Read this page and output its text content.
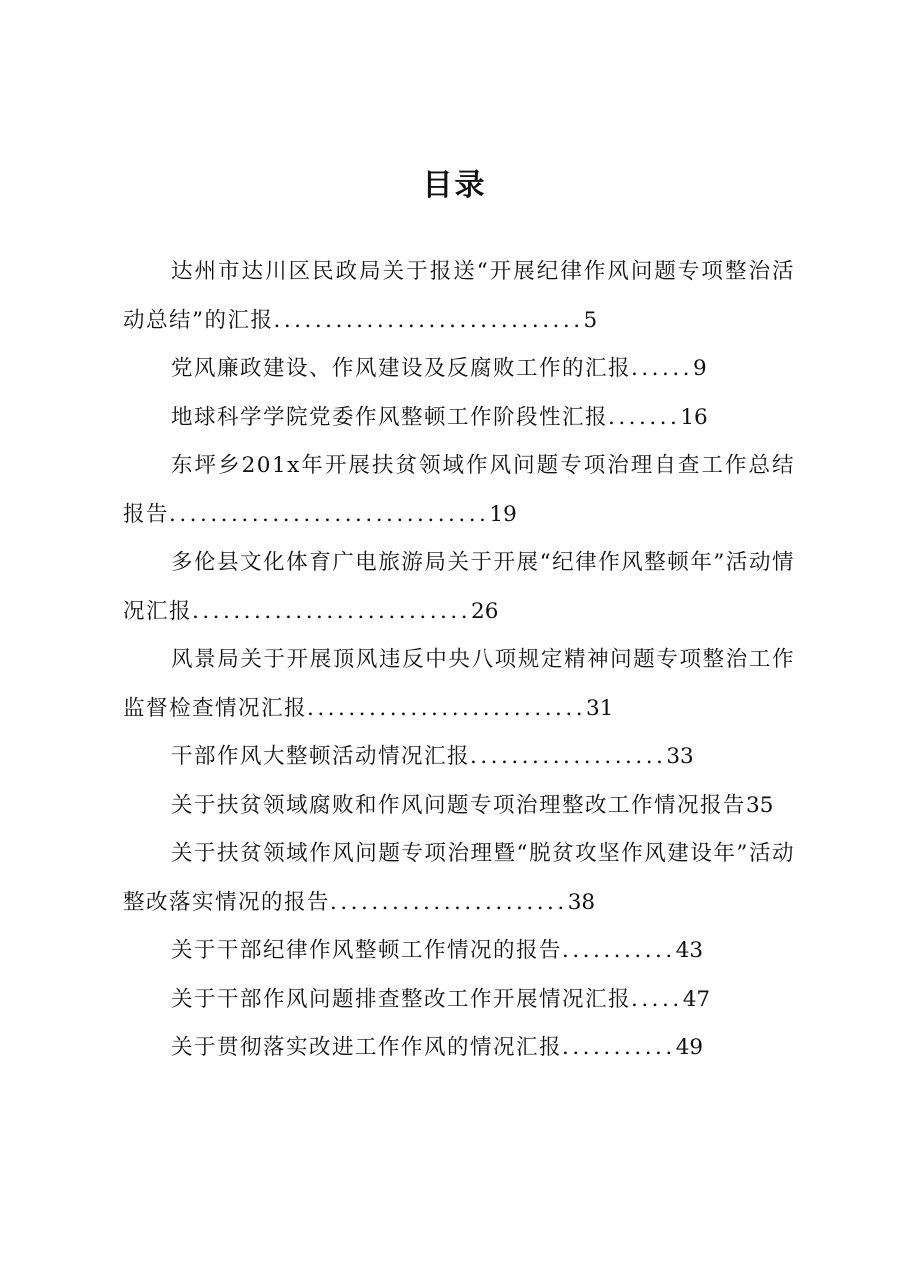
目录
达州市达川区民政局关于报送“开展纪律作风问题专项整治活动总结”的汇报..............................5
党风廉政建设、作风建设及反腐败工作的汇报......9
地球科学学院党委作风整顿工作阶段性汇报.......16
东坪乡201x年开展扶贫领域作风问题专项治理自查工作总结报告...............................19
多伦县文化体育广电旅游局关于开展“纪律作风整顿年”活动情况汇报...........................26
风景局关于开展顶风违反中央八项规定精神问题专项整治工作监督检查情况汇报...........................31
干部作风大整顿活动情况汇报...................33
关于扶贫领域腐败和作风问题专项治理整改工作情况报告35
关于扶贫领域作风问题专项治理暨“脱贫攻坚作风建设年”活动整改落实情况的报告.......................38
关于干部纪律作风整顿工作情况的报告...........43
关于干部作风问题排查整改工作开展情况汇报.....47
关于贯彻落实改进工作作风的情况汇报...........49
